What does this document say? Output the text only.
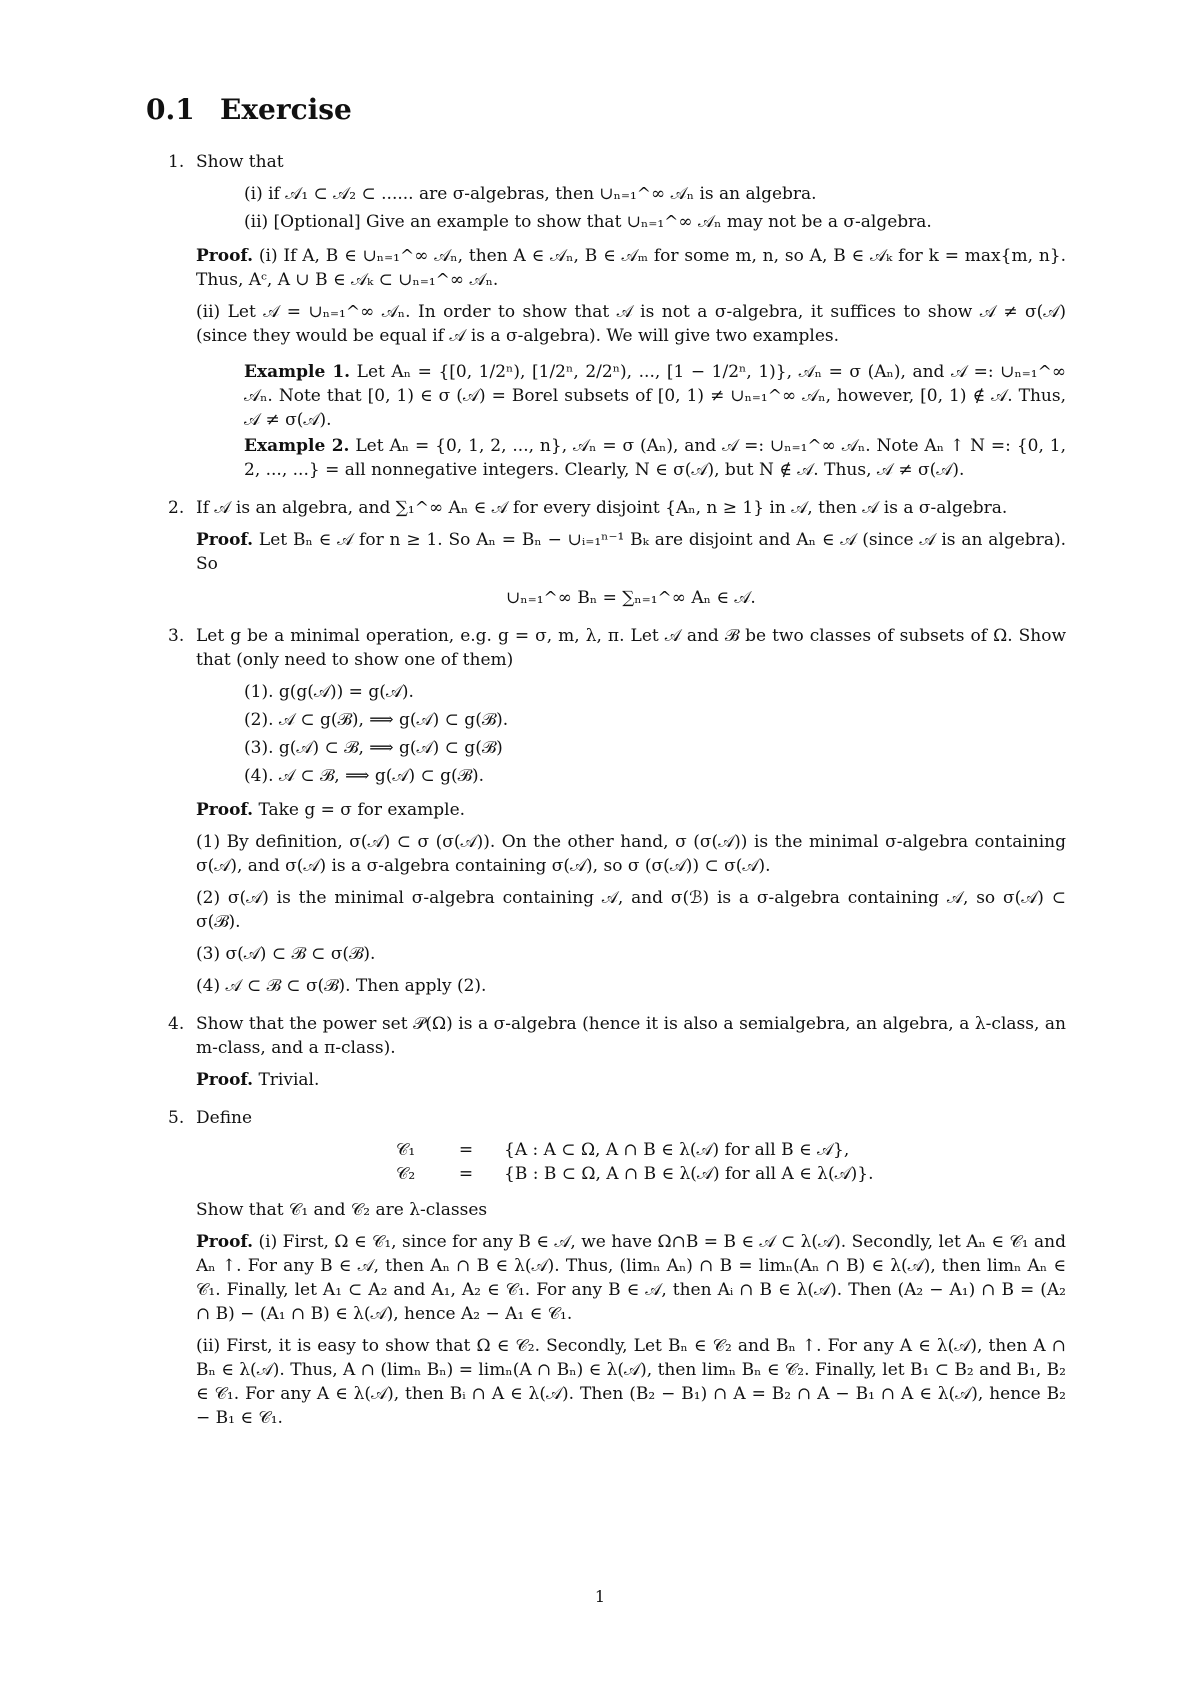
0.1 Exercise
1. Show that

(i) if 𝒜₁ ⊂ 𝒜₂ ⊂ ...... are σ-algebras, then ∪ₙ₌₁^∞ 𝒜ₙ is an algebra.
(ii) [Optional] Give an example to show that ∪ₙ₌₁^∞ 𝒜ₙ may not be a σ-algebra.

Proof. (i) If A, B ∈ ∪ₙ₌₁^∞ 𝒜ₙ, then A ∈ 𝒜ₙ, B ∈ 𝒜ₘ for some m, n, so A, B ∈ 𝒜ₖ for k = max{m, n}. Thus, Aᶜ, A ∪ B ∈ 𝒜ₖ ⊂ ∪ₙ₌₁^∞ 𝒜ₙ.

(ii) Let 𝒜 = ∪ₙ₌₁^∞ 𝒜ₙ. In order to show that 𝒜 is not a σ-algebra, it suffices to show 𝒜 ≠ σ(𝒜) (since they would be equal if 𝒜 is a σ-algebra). We will give two examples.

Example 1. Let Aₙ = {[0, 1/2ⁿ), [1/2ⁿ, 2/2ⁿ), ..., [1 − 1/2ⁿ, 1)}, 𝒜ₙ = σ (Aₙ), and 𝒜 =: ∪ₙ₌₁^∞ 𝒜ₙ. Note that [0, 1) ∈ σ (𝒜) = Borel subsets of [0, 1) ≠ ∪ₙ₌₁^∞ 𝒜ₙ, however, [0, 1) ∉ 𝒜. Thus, 𝒜 ≠ σ(𝒜).

Example 2. Let Aₙ = {0, 1, 2, ..., n}, 𝒜ₙ = σ (Aₙ), and 𝒜 =: ∪ₙ₌₁^∞ 𝒜ₙ. Note Aₙ ↑ N =: {0, 1, 2, ..., ...} = all nonnegative integers. Clearly, N ∈ σ(𝒜), but N ∉ 𝒜. Thus, 𝒜 ≠ σ(𝒜).

2. If 𝒜 is an algebra, and ∑₁^∞ Aₙ ∈ 𝒜 for every disjoint {Aₙ, n ≥ 1} in 𝒜, then 𝒜 is a σ-algebra.

Proof. Let Bₙ ∈ 𝒜 for n ≥ 1. So Aₙ = Bₙ − ∪ᵢ₌₁ⁿ⁻¹ Bₖ are disjoint and Aₙ ∈ 𝒜 (since 𝒜 is an algebra). So

∪ₙ₌₁^∞ Bₙ = ∑ₙ₌₁^∞ Aₙ ∈ 𝒜.
3. Let g be a minimal operation, e.g. g = σ, m, λ, π. Let 𝒜 and ℬ be two classes of subsets of Ω. Show that (only need to show one of them)

(1). g(g(𝒜)) = g(𝒜).
(2). 𝒜 ⊂ g(ℬ), ⟹ g(𝒜) ⊂ g(ℬ).
(3). g(𝒜) ⊂ ℬ, ⟹ g(𝒜) ⊂ g(ℬ)
(4). 𝒜 ⊂ ℬ, ⟹ g(𝒜) ⊂ g(ℬ).

Proof. Take g = σ for example.

(1) By definition, σ(𝒜) ⊂ σ (σ(𝒜)). On the other hand, σ (σ(𝒜)) is the minimal σ-algebra containing σ(𝒜), and σ(𝒜) is a σ-algebra containing σ(𝒜), so σ (σ(𝒜)) ⊂ σ(𝒜).

(2) σ(𝒜) is the minimal σ-algebra containing 𝒜, and σ(ℬ) is a σ-algebra containing 𝒜, so σ(𝒜) ⊂ σ(ℬ).

(3) σ(𝒜) ⊂ ℬ ⊂ σ(ℬ).

(4) 𝒜 ⊂ ℬ ⊂ σ(ℬ). Then apply (2).

4. Show that the power set 𝒫(Ω) is a σ-algebra (hence it is also a semialgebra, an algebra, a λ-class, an m-class, and a π-class).

Proof. Trivial.

5. Define

𝒞₁	= {A : A ⊂ Ω, A ∩ B ∈ λ(𝒜) for all B ∈ 𝒜},
𝒞₂	= {B : B ⊂ Ω, A ∩ B ∈ λ(𝒜) for all A ∈ λ(𝒜)}.

Show that 𝒞₁ and 𝒞₂ are λ-classes

Proof. (i) First, Ω ∈ 𝒞₁, since for any B ∈ 𝒜, we have Ω∩B = B ∈ 𝒜 ⊂ λ(𝒜). Secondly, let Aₙ ∈ 𝒞₁ and Aₙ ↑. For any B ∈ 𝒜, then Aₙ ∩ B ∈ λ(𝒜). Thus, (limₙ Aₙ) ∩ B = limₙ(Aₙ ∩ B) ∈ λ(𝒜), then limₙ Aₙ ∈ 𝒞₁. Finally, let A₁ ⊂ A₂ and A₁, A₂ ∈ 𝒞₁. For any B ∈ 𝒜, then Aᵢ ∩ B ∈ λ(𝒜). Then (A₂ − A₁) ∩ B = (A₂ ∩ B) − (A₁ ∩ B) ∈ λ(𝒜), hence A₂ − A₁ ∈ 𝒞₁.

(ii) First, it is easy to show that Ω ∈ 𝒞₂. Secondly, Let Bₙ ∈ 𝒞₂ and Bₙ ↑. For any A ∈ λ(𝒜), then A ∩ Bₙ ∈ λ(𝒜). Thus, A ∩ (limₙ Bₙ) = limₙ(A ∩ Bₙ) ∈ λ(𝒜), then limₙ Bₙ ∈ 𝒞₂. Finally, let B₁ ⊂ B₂ and B₁, B₂ ∈ 𝒞₁. For any A ∈ λ(𝒜), then Bᵢ ∩ A ∈ λ(𝒜). Then (B₂ − B₁) ∩ A = B₂ ∩ A − B₁ ∩ A ∈ λ(𝒜), hence B₂ − B₁ ∈ 𝒞₁.

1
